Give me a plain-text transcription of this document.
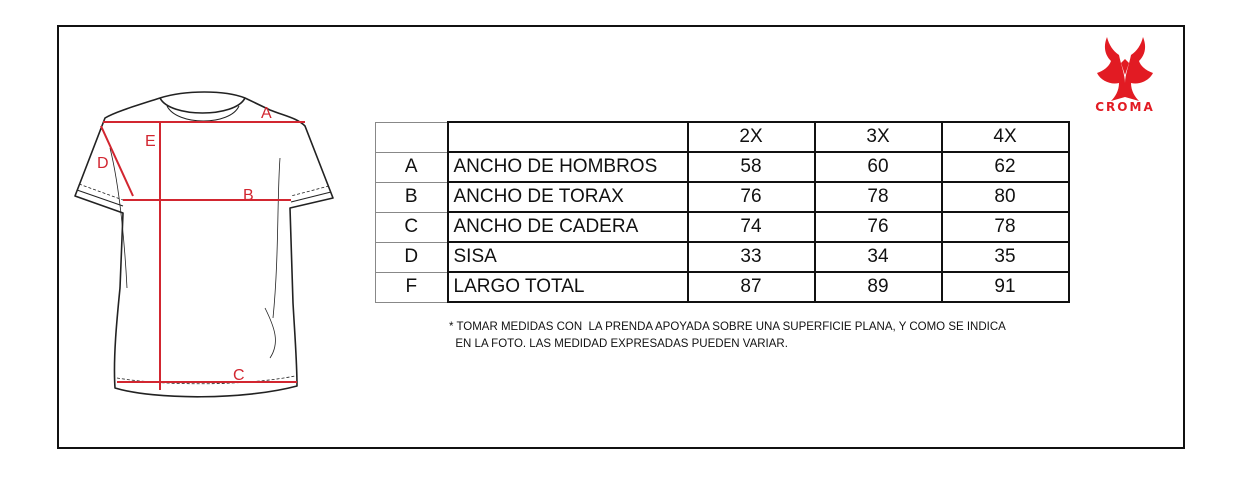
A
B
C
D
E
CROMA
		2X	3X	4X
A	ANCHO DE HOMBROS	58	60	62
B	ANCHO DE TORAX	76	78	80
C	ANCHO DE CADERA	74	76	78
D	SISA	33	34	35
F	LARGO TOTAL	87	89	91
* TOMAR MEDIDAS CON  LA PRENDA APOYADA SOBRE UNA SUPERFICIE PLANA, Y COMO SE INDICA
EN LA FOTO. LAS MEDIDAD EXPRESADAS PUEDEN VARIAR.
